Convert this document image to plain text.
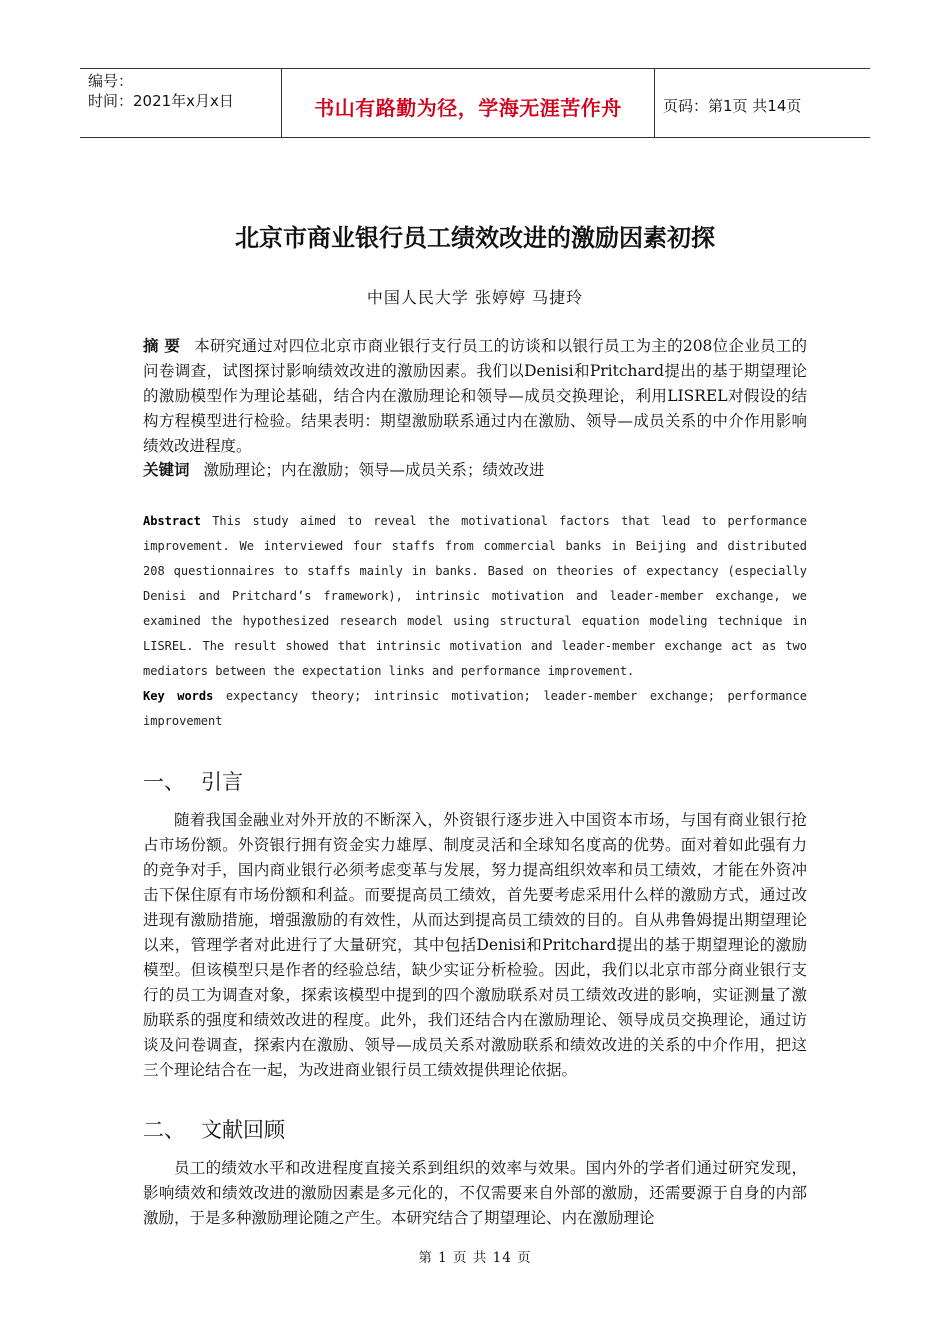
编号：
时间：2021年x月x日	书山有路勤为径，学海无涯苦作舟	页码：第1页 共14页
北京市商业银行员工绩效改进的激励因素初探
中国人民大学 张婷婷 马捷玲
摘 要 本研究通过对四位北京市商业银行支行员工的访谈和以银行员工为主的208位企业员工的问卷调查，试图探讨影响绩效改进的激励因素。我们以Denisi和Pritchard提出的基于期望理论的激励模型作为理论基础，结合内在激励理论和领导—成员交换理论，利用LISREL对假设的结构方程模型进行检验。结果表明：期望激励联系通过内在激励、领导—成员关系的中介作用影响绩效改进程度。
关键词 激励理论；内在激励；领导—成员关系；绩效改进
Abstract This study aimed to reveal the motivational factors that lead to performance improvement. We interviewed four staffs from commercial banks in Beijing and distributed 208 questionnaires to staffs mainly in banks. Based on theories of expectancy (especially Denisi and Pritchard’s framework), intrinsic motivation and leader-member exchange, we examined the hypothesized research model using structural equation modeling technique in LISREL. The result showed that intrinsic motivation and leader-member exchange act as two mediators between the expectation links and performance improvement.
Key words expectancy theory; intrinsic motivation; leader-member exchange; performance improvement
一、 引言
随着我国金融业对外开放的不断深入，外资银行逐步进入中国资本市场，与国有商业银行抢占市场份额。外资银行拥有资金实力雄厚、制度灵活和全球知名度高的优势。面对着如此强有力的竞争对手，国内商业银行必须考虑变革与发展，努力提高组织效率和员工绩效，才能在外资冲击下保住原有市场份额和利益。而要提高员工绩效，首先要考虑采用什么样的激励方式，通过改进现有激励措施，增强激励的有效性，从而达到提高员工绩效的目的。自从弗鲁姆提出期望理论以来，管理学者对此进行了大量研究，其中包括Denisi和Pritchard提出的基于期望理论的激励模型。但该模型只是作者的经验总结，缺少实证分析检验。因此，我们以北京市部分商业银行支行的员工为调查对象，探索该模型中提到的四个激励联系对员工绩效改进的影响，实证测量了激励联系的强度和绩效改进的程度。此外，我们还结合内在激励理论、领导成员交换理论，通过访谈及问卷调查，探索内在激励、领导—成员关系对激励联系和绩效改进的关系的中介作用，把这三个理论结合在一起，为改进商业银行员工绩效提供理论依据。
二、 文献回顾
员工的绩效水平和改进程度直接关系到组织的效率与效果。国内外的学者们通过研究发现，影响绩效和绩效改进的激励因素是多元化的，不仅需要来自外部的激励，还需要源于自身的内部激励，于是多种激励理论随之产生。本研究结合了期望理论、内在激励理论
第 1 页 共 14 页
